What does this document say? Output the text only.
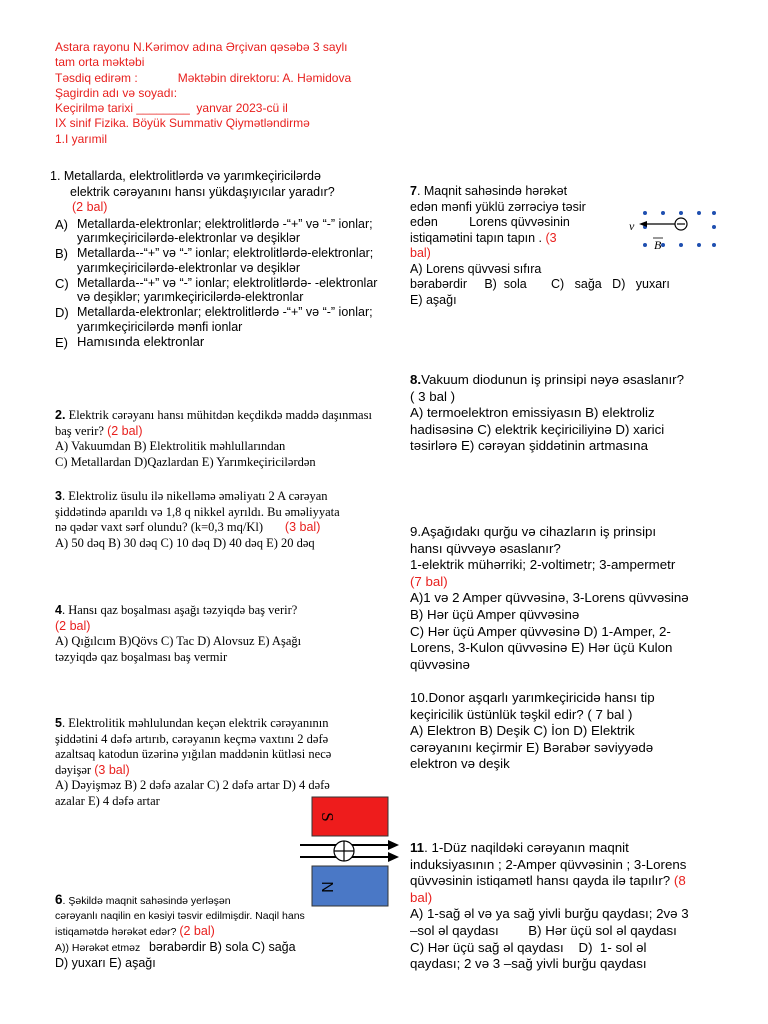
Astara rayonu N.Kərimov adına Ərçivan qəsəbə 3 saylı
tam orta məktəbi
Təsdiq edirəm :            Məktəbin direktoru: A. Həmidova
Şagirdin adı və soyadı:
Keçirilmə tarixi ________  yanvar 2023-cü il
IX sinif Fizika. Böyük Summativ Qiymətləndirmə
1.I yarımil
1. Metallarda, elektrolitlərdə və yarımkeçiricilərdə
elektrik cərəyanını hansı yükdaşıyıcılar yaradır?
(2 bal)
A) Metallarda-elektronlar; elektrolitlərdə -“+” və “-” ionlar; yarımkeçiricilərdə-elektronlar və deşiklər
B) Metallarda--“+” və “-” ionlar; elektrolitlərdə-elektronlar; yarımkeçiricilərdə-elektronlar və deşiklər
C) Metallarda--“+” və “-” ionlar; elektrolitlərdə- -elektronlar və deşiklər; yarımkeçiricilərdə-elektronlar
D) Metallarda-elektronlar; elektrolitlərdə -“+” və “-” ionlar; yarımkeçiricilərdə mənfi ionlar
E) Hamısında elektronlar
2. Elektrik cərəyanı hansı mühitdən keçdikdə maddə daşınması baş verir? (2 bal)
A) Vakuumdan B) Elektrolitik məhlullarından
C) Metallardan D)Qazlardan E) Yarımkeçiricilərdən
3. Elektroliz üsulu ilə nikelləmə əməliyatı 2 A cərəyan
şiddətində aparıldı və 1,8 q nikkel ayrıldı. Bu əməliyyata
nə qədər vaxt sərf olundu? (k=0,3 mq/Kl) (3 bal)
A) 50 dəq B) 30 dəq C) 10 dəq D) 40 dəq E) 20 dəq
4. Hansı qaz boşalması aşağı təzyiqdə baş verir?
(2 bal)
A) Qığılcım B)Qövs C) Tac D) Alovsuz E) Aşağı
təzyiqdə qaz boşalması baş vermir
5. Elektrolitik məhlulundan keçən elektrik cərəyanının
şiddətini 4 dəfə artırıb, cərəyanın keçmə vaxtını 2 dəfə
azaltsaq katodun üzərinə yığılan maddənin kütləsi necə
dəyişər (3 bal)
A) Dəyişməz B) 2 dəfə azalar C) 2 dəfə artar D) 4 dəfə
azalar E) 4 dəfə artar
S
N
6. Şəkildə maqnit sahəsində yerləşən
cərəyanlı naqilin en kəsiyi təsvir edilmişdir. Naqil hans
istiqamətdə hərəkət edər? (2 bal)
A)) Hərəkət etməz bərabərdir B) sola C) sağa
D) yuxarı E) aşağı
7. Maqnit sahəsində hərəkət
edən mənfi yüklü zərrəciyə təsir
edən         Lorens qüvvəsinin
istiqamətini tapın tapın . (3
bal)
A) Lorens qüvvəsi sıfıra
bərabərdir     B)  sola       C)   sağa   D)   yuxarı
E) aşağı
v
B
8.Vakuum diodunun iş prinsipi nəyə əsaslanır?
( 3 bal )
A) termoelektron emissiyasın B) elektroliz
hadisəsinə C) elektrik keçiriciliyinə D) xarici
təsirlərə E) cərəyan şiddətinin artmasına
9.Aşağıdakı qurğu və cihazların iş prinsipı
hansı qüvvəyə əsaslanır?
1-elektrik mühərriki; 2-voltimetr; 3-ampermetr
(7 bal)
A)1 və 2 Amper qüvvəsinə, 3-Lorens qüvvəsinə
B) Hər üçü Amper qüvvəsinə
C) Hər üçü Amper qüvvəsinə D) 1-Amper, 2-
Lorens, 3-Kulon qüvvəsinə E) Hər üçü Kulon
qüvvəsinə
10.Donor aşqarlı yarımkeçiricidə hansı tip
keçiricilik üstünlük təşkil edir? ( 7 bal )
A) Elektron B) Deşik C) İon D) Elektrik
cərəyanını keçirmir E) Bərabər səviyyədə
elektron və deşik
11. 1-Düz naqildəki cərəyanın maqnit
induksiyasının ; 2-Amper qüvvəsinin ; 3-Lorens
qüvvəsinin istiqamətl hansı qayda ilə tapılır? (8
bal)
A) 1-sağ əl və ya sağ yivli burğu qaydası; 2və 3
–sol əl qaydası        B) Hər üçü sol əl qaydası
C) Hər üçü sağ əl qaydası    D)  1- sol əl
qaydası; 2 və 3 –sağ yivli burğu qaydası
